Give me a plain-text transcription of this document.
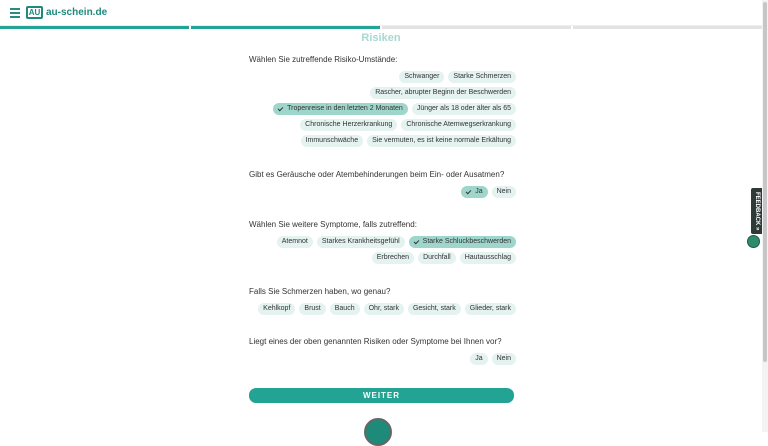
AU au-schein.de
Risiken
Wählen Sie zutreffende Risiko-Umstände:
Schwanger Starke Schmerzen
Rascher, abrupter Beginn der Beschwerden
Tropenreise in den letzten 2 Monaten Jünger als 18 oder älter als 65
Chronische Herzerkrankung Chronische Atemwegserkrankung
Immunschwäche Sie vermuten, es ist keine normale Erkältung
Gibt es Geräusche oder Atembehinderungen beim Ein- oder Ausatmen?
Ja Nein
Wählen Sie weitere Symptome, falls zutreffend:
Atemnot Starkes Krankheitsgefühl	Starke Schluckbeschwerden
Erbrechen Durchfall Hautausschlag
Falls Sie Schmerzen haben, wo genau?
Kehlkopf Brust Bauch Ohr, stark Gesicht, stark Glieder, stark
Liegt eines der oben genannten Risiken oder Symptome bei Ihnen vor?
Ja Nein
WEITER
FEEDBACK »
